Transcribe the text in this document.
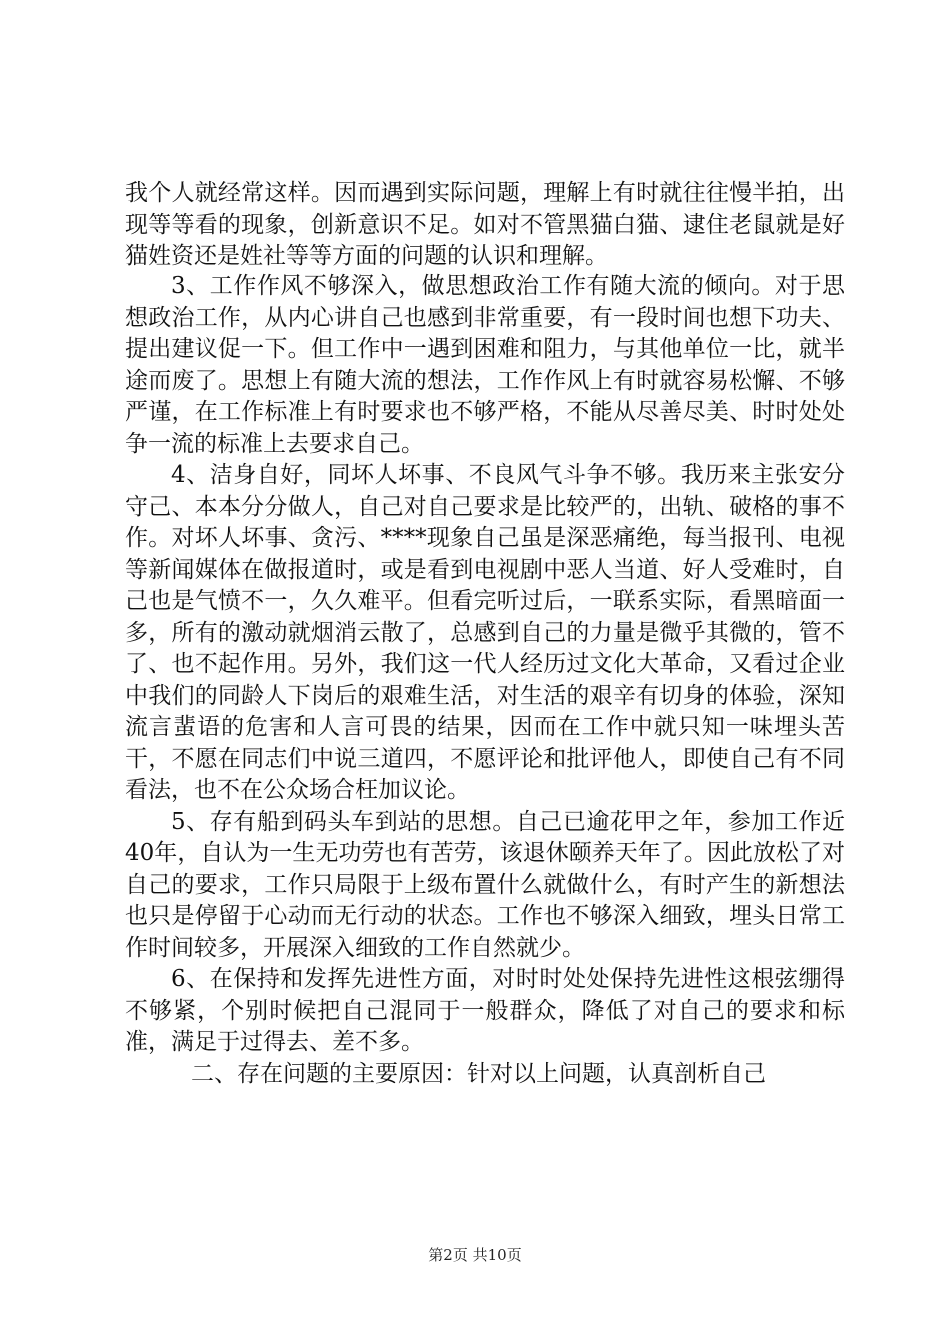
我个人就经常这样。因而遇到实际问题，理解上有时就往往慢半拍，出现等等看的现象，创新意识不足。如对不管黑猫白猫、逮住老鼠就是好猫姓资还是姓社等等方面的问题的认识和理解。

3、工作作风不够深入，做思想政治工作有随大流的倾向。对于思想政治工作，从内心讲自己也感到非常重要，有一段时间也想下功夫、提出建议促一下。但工作中一遇到困难和阻力，与其他单位一比，就半途而废了。思想上有随大流的想法，工作作风上有时就容易松懈、不够严谨，在工作标准上有时要求也不够严格，不能从尽善尽美、时时处处争一流的标准上去要求自己。

4、洁身自好，同坏人坏事、不良风气斗争不够。我历来主张安分守己、本本分分做人，自己对自己要求是比较严的，出轨、破格的事不作。对坏人坏事、贪污、****现象自己虽是深恶痛绝，每当报刊、电视等新闻媒体在做报道时，或是看到电视剧中恶人当道、好人受难时，自己也是气愤不一，久久难平。但看完听过后，一联系实际，看黑暗面一多，所有的激动就烟消云散了，总感到自己的力量是微乎其微的，管不了、也不起作用。另外，我们这一代人经历过文化大革命，又看过企业中我们的同龄人下岗后的艰难生活，对生活的艰辛有切身的体验，深知流言蜚语的危害和人言可畏的结果，因而在工作中就只知一味埋头苦干，不愿在同志们中说三道四，不愿评论和批评他人，即使自己有不同看法，也不在公众场合枉加议论。

5、存有船到码头车到站的思想。自己已逾花甲之年，参加工作近40年，自认为一生无功劳也有苦劳，该退休颐养天年了。因此放松了对自己的要求，工作只局限于上级布置什么就做什么，有时产生的新想法也只是停留于心动而无行动的状态。工作也不够深入细致，埋头日常工作时间较多，开展深入细致的工作自然就少。

6、在保持和发挥先进性方面，对时时处处保持先进性这根弦绷得不够紧，个别时候把自己混同于一般群众，降低了对自己的要求和标准，满足于过得去、差不多。

二、存在问题的主要原因：针对以上问题，认真剖析自己

第2页 共10页
